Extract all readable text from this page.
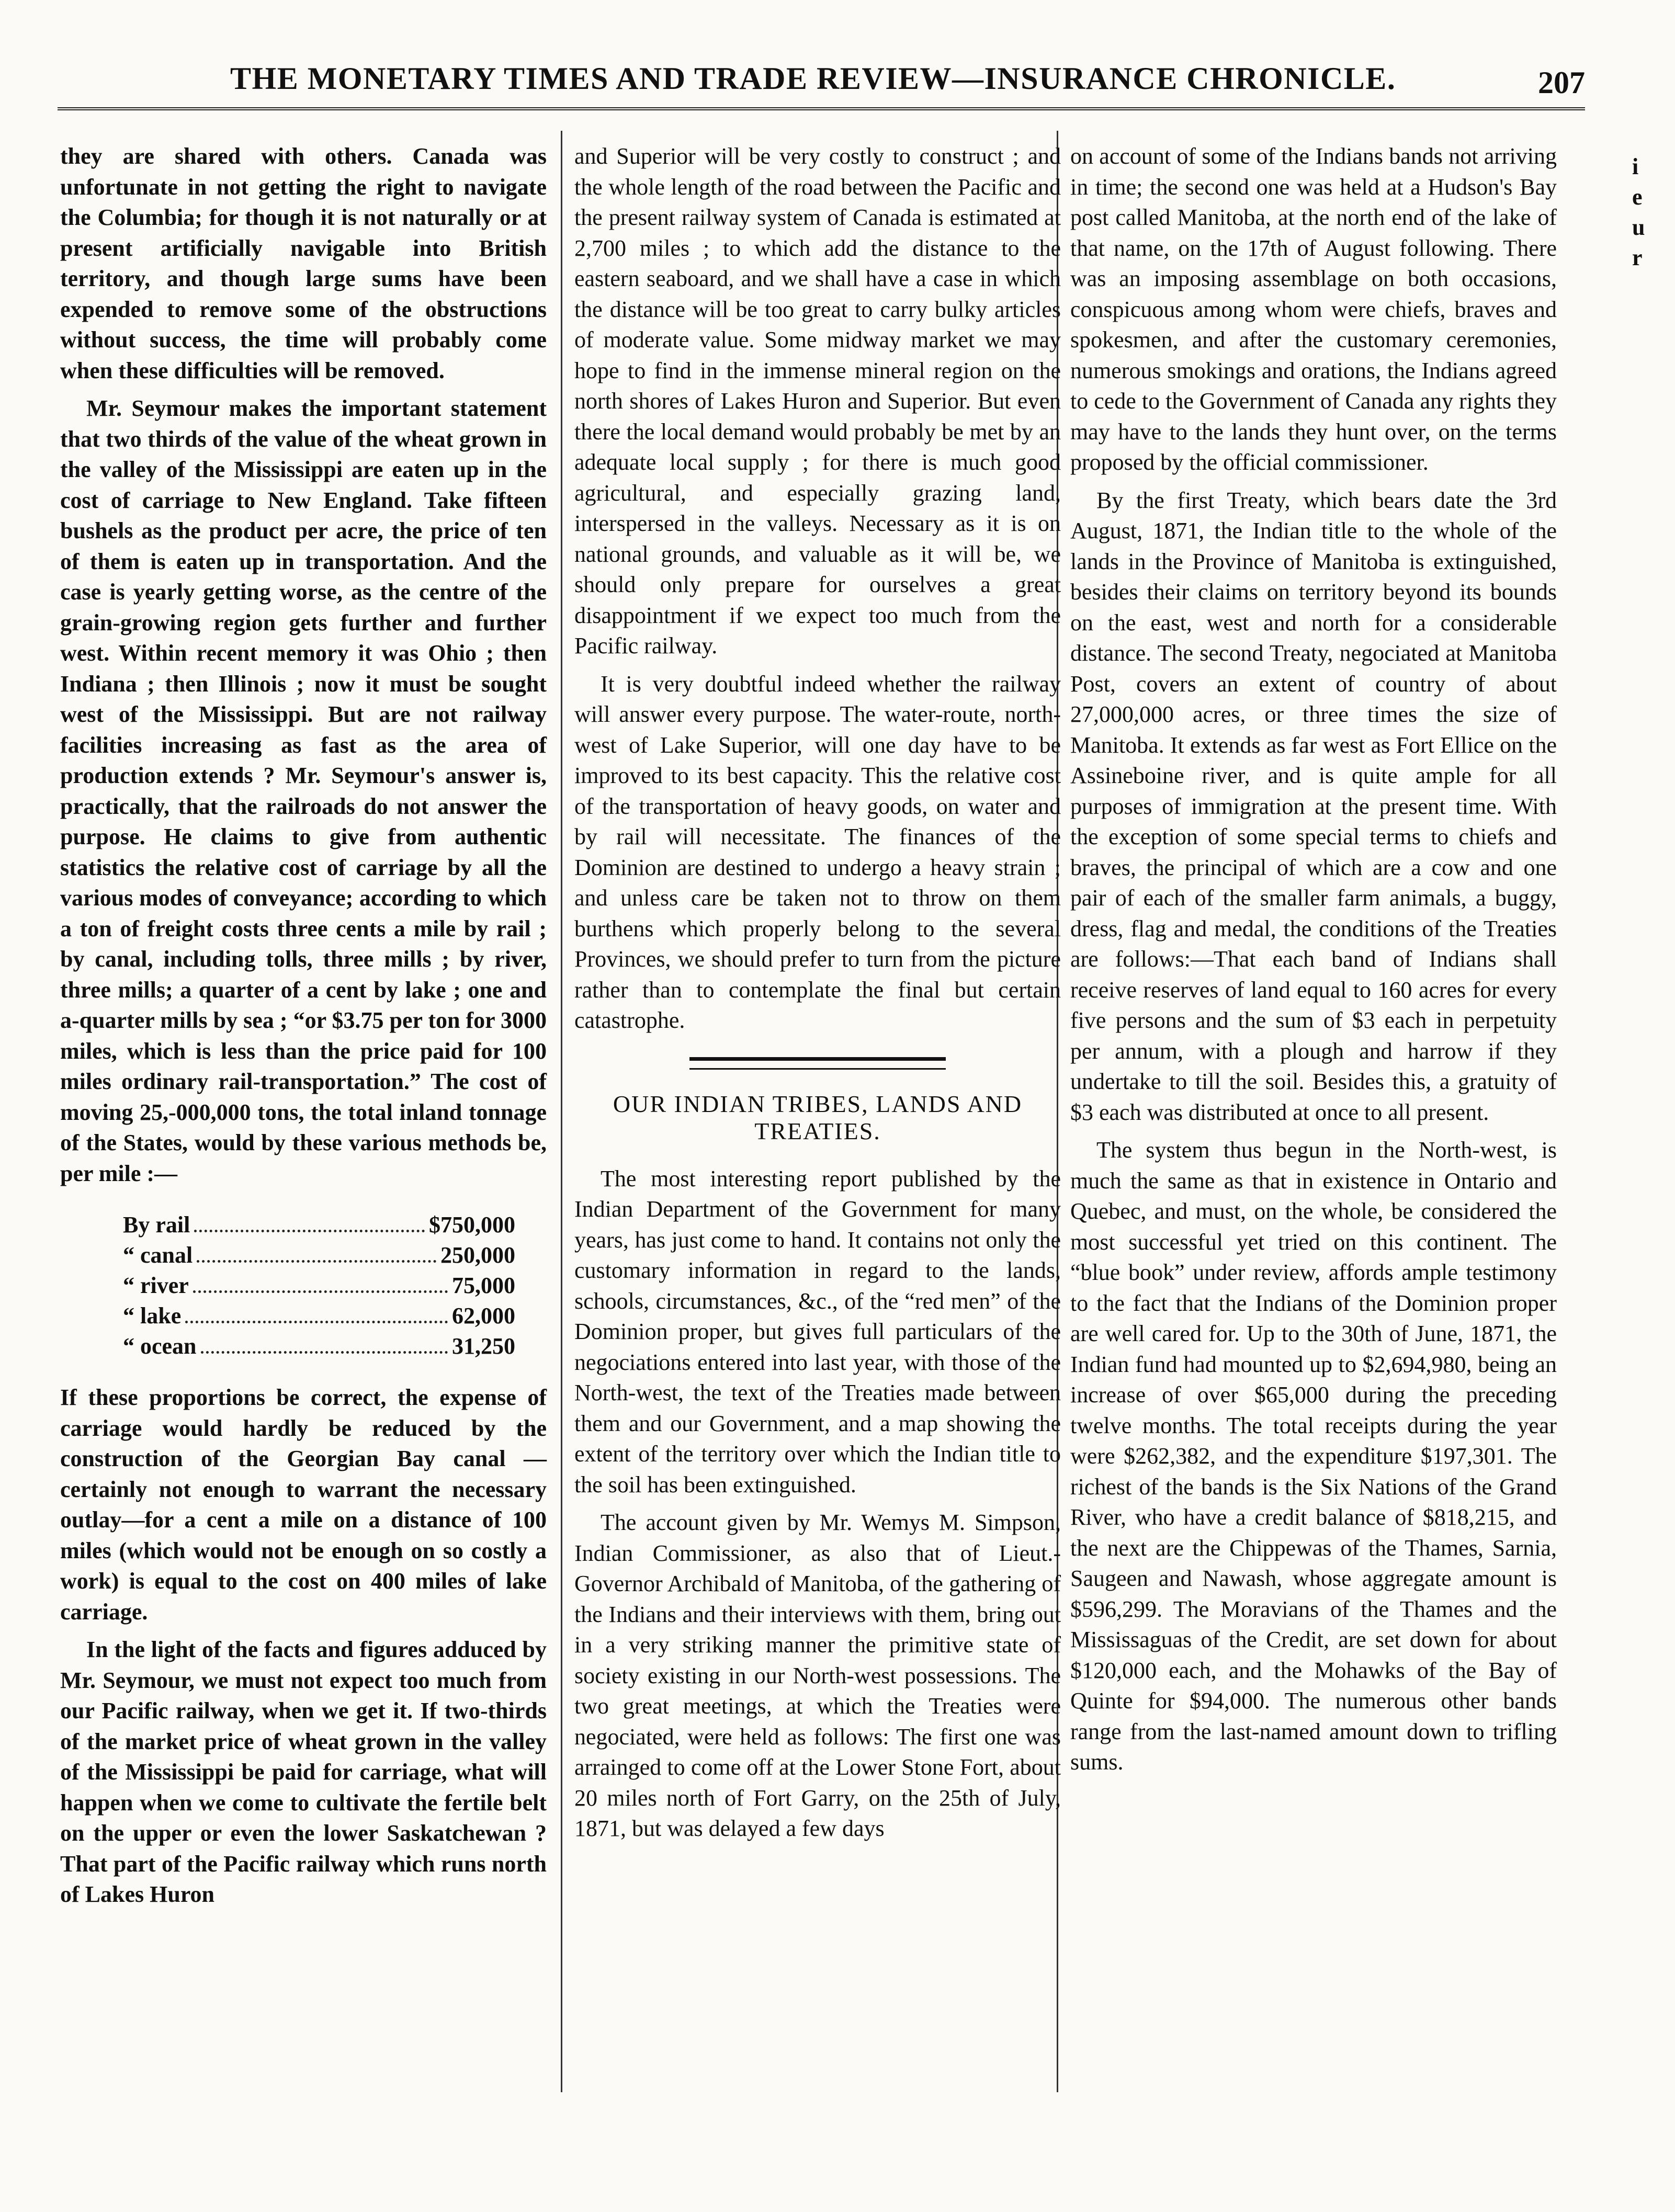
THE MONETARY TIMES AND TRADE REVIEW—INSURANCE CHRONICLE.	207

they are shared with others. Canada was unfortunate in not getting the right to navigate the Columbia; for though it is not naturally or at present artificially navigable into British territory, and though large sums have been expended to remove some of the obstructions without success, the time will probably come when these difficulties will be removed.

Mr. Seymour makes the important statement that two thirds of the value of the wheat grown in the valley of the Mississippi are eaten up in the cost of carriage to New England. Take fifteen bushels as the product per acre, the price of ten of them is eaten up in transportation. And the case is yearly getting worse, as the centre of the grain-growing region gets further and further west. Within recent memory it was Ohio ; then Indiana ; then Illinois ; now it must be sought west of the Mississippi. But are not railway facilities increasing as fast as the area of production extends ? Mr. Seymour's answer is, practically, that the railroads do not answer the purpose. He claims to give from authentic statistics the relative cost of carriage by all the various modes of conveyance; according to which a ton of freight costs three cents a mile by rail ; by canal, including tolls, three mills ; by river, three mills; a quarter of a cent by lake ; one and a-quarter mills by sea ; “or $3.75 per ton for 3000 miles, which is less than the price paid for 100 miles ordinary rail-transportation.” The cost of moving 25,-000,000 tons, the total inland tonnage of the States, would by these various methods be, per mile :—

By rail	$750,000
“ canal	250,000
“ river	75,000
“ lake	62,000
“ ocean	31,250

If these proportions be correct, the expense of carriage would hardly be reduced by the construction of the Georgian Bay canal — certainly not enough to warrant the necessary outlay—for a cent a mile on a distance of 100 miles (which would not be enough on so costly a work) is equal to the cost on 400 miles of lake carriage.

In the light of the facts and figures adduced by Mr. Seymour, we must not expect too much from our Pacific railway, when we get it. If two-thirds of the market price of wheat grown in the valley of the Mississippi be paid for carriage, what will happen when we come to cultivate the fertile belt on the upper or even the lower Saskatchewan ? That part of the Pacific railway which runs north of Lakes Huron

and Superior will be very costly to construct ; and the whole length of the road between the Pacific and the present railway system of Canada is estimated at 2,700 miles ; to which add the distance to the eastern seaboard, and we shall have a case in which the distance will be too great to carry bulky articles of moderate value. Some midway market we may hope to find in the immense mineral region on the north shores of Lakes Huron and Superior. But even there the local demand would probably be met by an adequate local supply ; for there is much good agricultural, and especially grazing land, interspersed in the valleys. Necessary as it is on national grounds, and valuable as it will be, we should only prepare for ourselves a great disappointment if we expect too much from the Pacific railway.

It is very doubtful indeed whether the railway will answer every purpose. The water-route, north-west of Lake Superior, will one day have to be improved to its best capacity. This the relative cost of the transportation of heavy goods, on water and by rail will necessitate. The finances of the Dominion are destined to undergo a heavy strain ; and unless care be taken not to throw on them burthens which properly belong to the several Provinces, we should prefer to turn from the picture rather than to contemplate the final but certain catastrophe.

OUR INDIAN TRIBES, LANDS AND TREATIES.

The most interesting report published by the Indian Department of the Government for many years, has just come to hand. It contains not only the customary information in regard to the lands, schools, circumstances, &c., of the “red men” of the Dominion proper, but gives full particulars of the negociations entered into last year, with those of the North-west, the text of the Treaties made between them and our Government, and a map showing the extent of the territory over which the Indian title to the soil has been extinguished.

The account given by Mr. Wemys M. Simpson, Indian Commissioner, as also that of Lieut.-Governor Archibald of Manitoba, of the gathering of the Indians and their interviews with them, bring out in a very striking manner the primitive state of society existing in our North-west possessions. The two great meetings, at which the Treaties were negociated, were held as follows: The first one was arrainged to come off at the Lower Stone Fort, about 20 miles north of Fort Garry, on the 25th of July, 1871, but was delayed a few days

on account of some of the Indians bands not arriving in time; the second one was held at a Hudson's Bay post called Manitoba, at the north end of the lake of that name, on the 17th of August following. There was an imposing assemblage on both occasions, conspicuous among whom were chiefs, braves and spokesmen, and after the customary ceremonies, numerous smokings and orations, the Indians agreed to cede to the Government of Canada any rights they may have to the lands they hunt over, on the terms proposed by the official commissioner.

By the first Treaty, which bears date the 3rd August, 1871, the Indian title to the whole of the lands in the Province of Manitoba is extinguished, besides their claims on territory beyond its bounds on the east, west and north for a considerable distance. The second Treaty, negociated at Manitoba Post, covers an extent of country of about 27,000,000 acres, or three times the size of Manitoba. It extends as far west as Fort Ellice on the Assineboine river, and is quite ample for all purposes of immigration at the present time. With the exception of some special terms to chiefs and braves, the principal of which are a cow and one pair of each of the smaller farm animals, a buggy, dress, flag and medal, the conditions of the Treaties are follows:—That each band of Indians shall receive reserves of land equal to 160 acres for every five persons and the sum of $3 each in perpetuity per annum, with a plough and harrow if they undertake to till the soil. Besides this, a gratuity of $3 each was distributed at once to all present.

The system thus begun in the North-west, is much the same as that in existence in Ontario and Quebec, and must, on the whole, be considered the most successful yet tried on this continent. The “blue book” under review, affords ample testimony to the fact that the Indians of the Dominion proper are well cared for. Up to the 30th of June, 1871, the Indian fund had mounted up to $2,694,980, being an increase of over $65,000 during the preceding twelve months. The total receipts during the year were $262,382, and the expenditure $197,301. The richest of the bands is the Six Nations of the Grand River, who have a credit balance of $818,215, and the next are the Chippewas of the Thames, Sarnia, Saugeen and Nawash, whose aggregate amount is $596,299. The Moravians of the Thames and the Mississaguas of the Credit, are set down for about $120,000 each, and the Mohawks of the Bay of Quinte for $94,000. The numerous other bands range from the last-named amount down to trifling sums.

i
e
u
r
